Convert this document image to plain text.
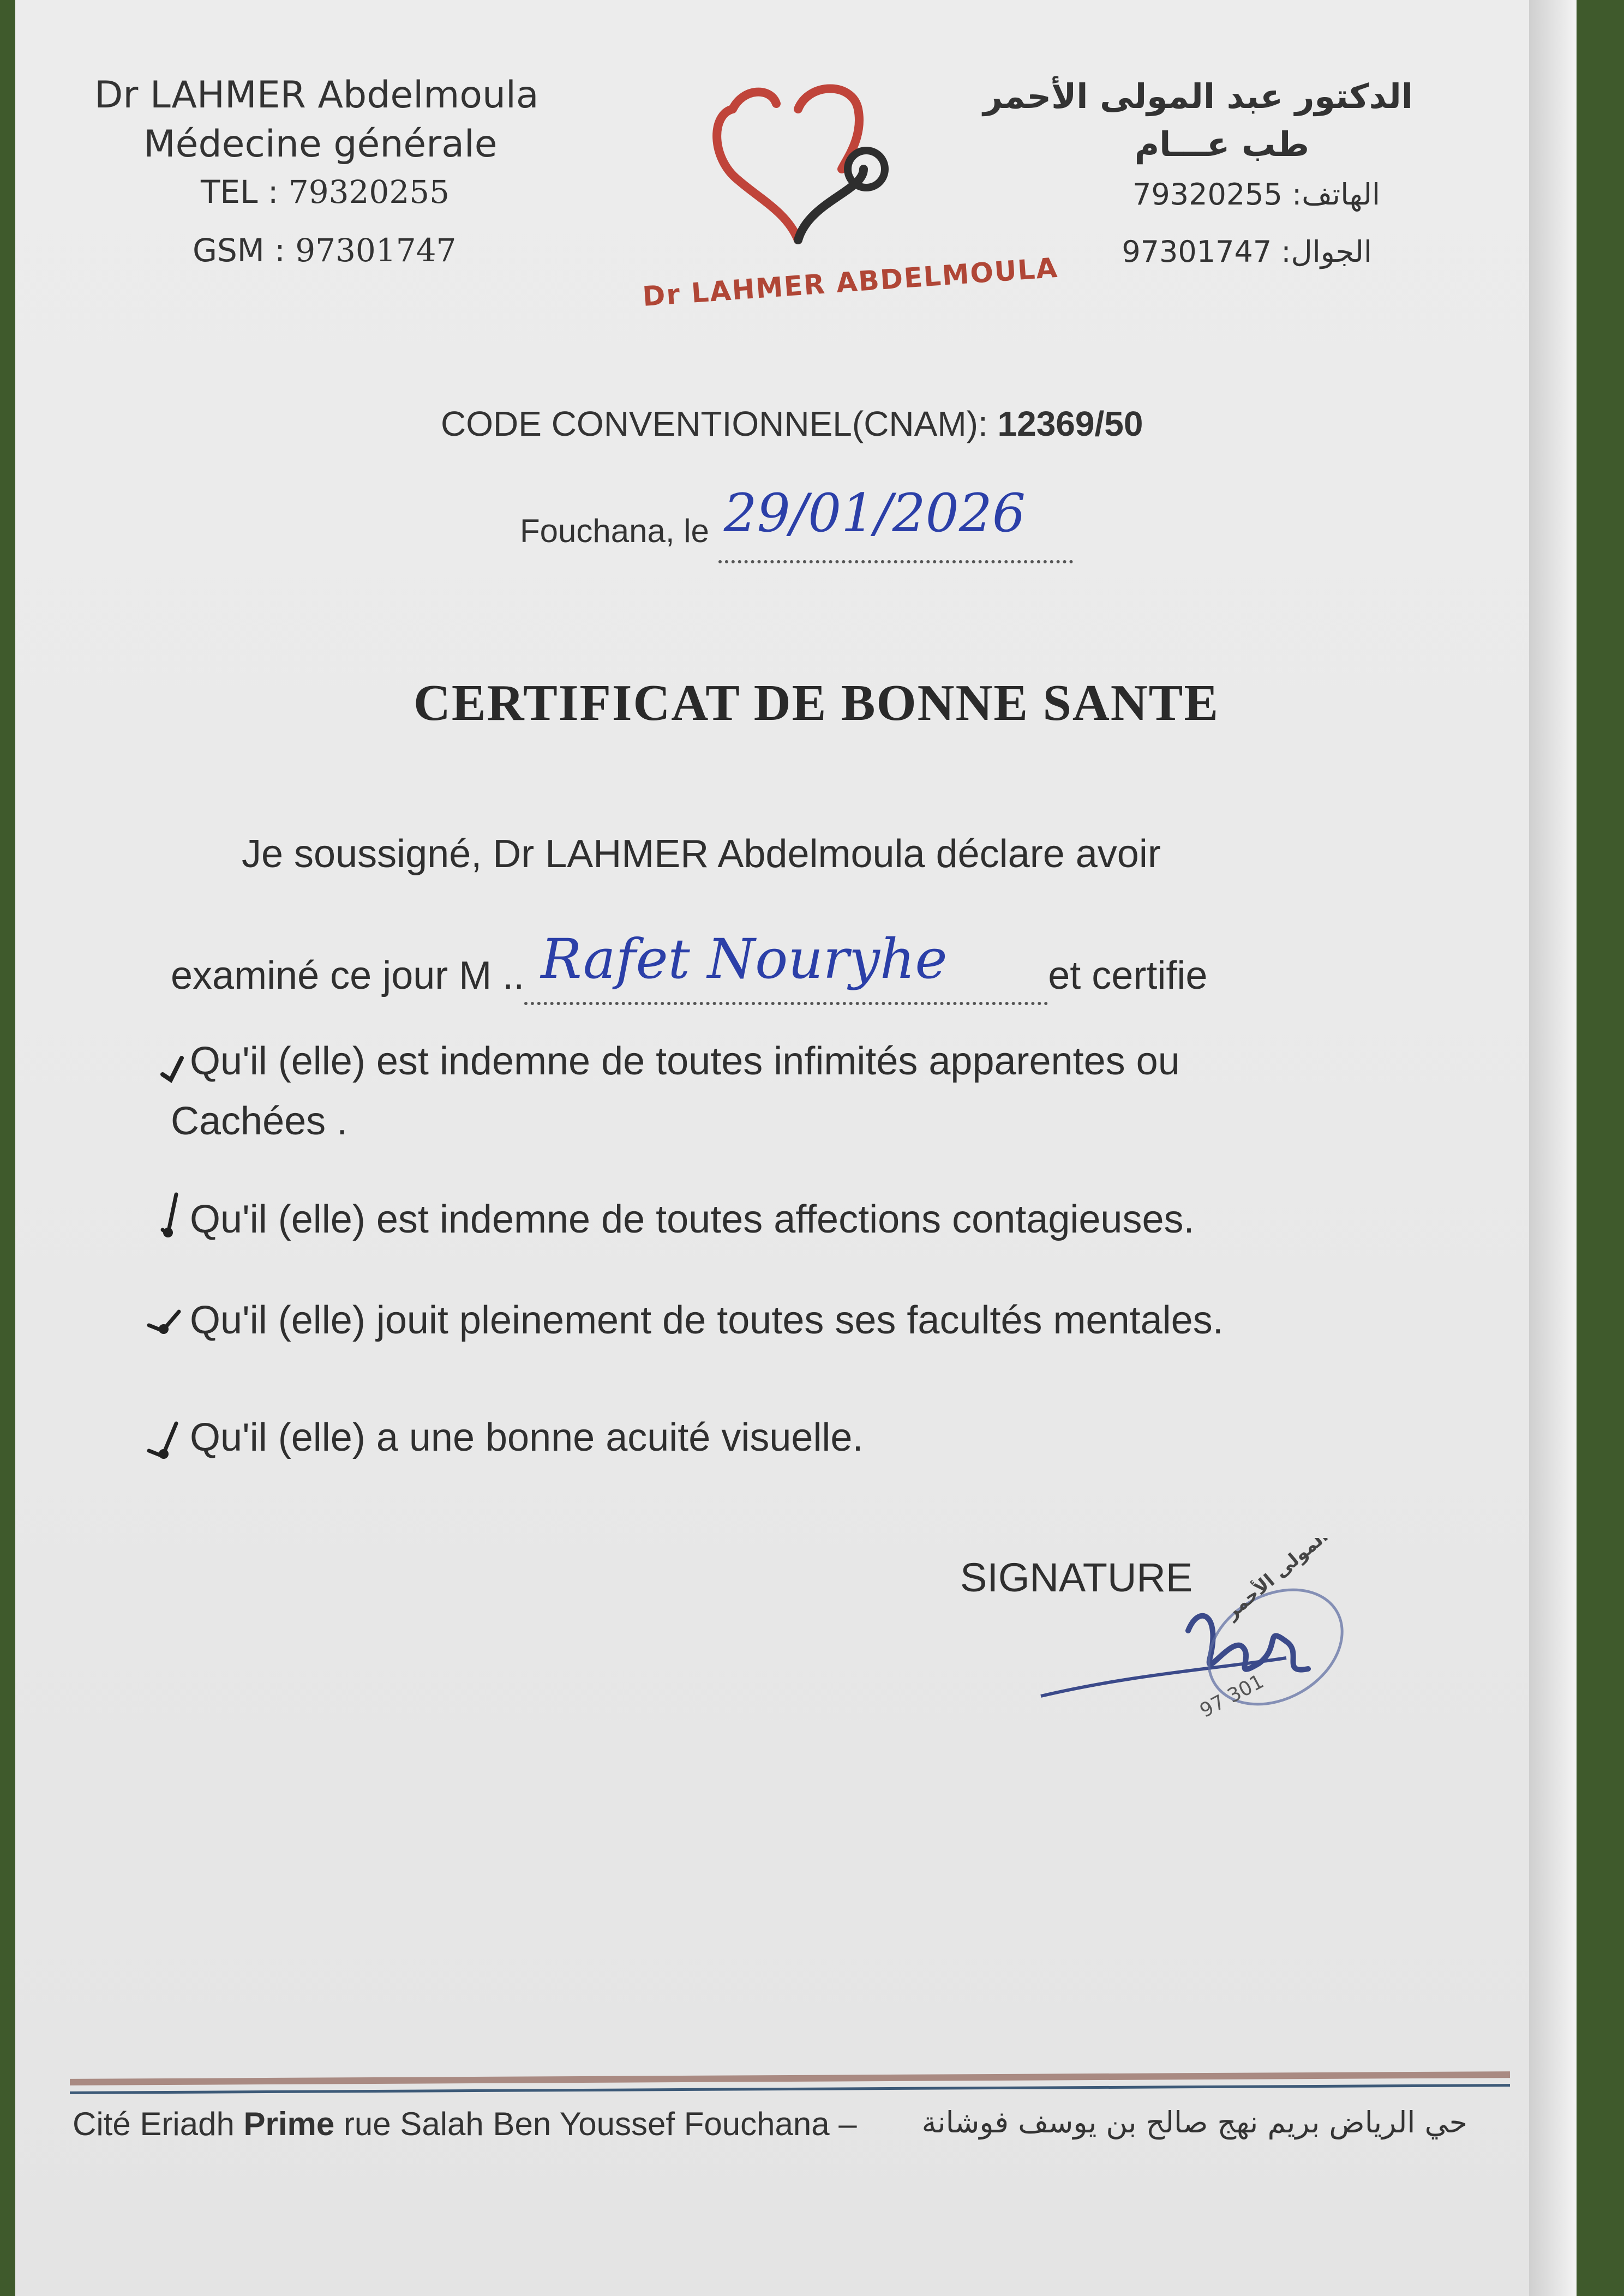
Dr LAHMER Abdelmoula
Médecine générale
TEL : 79320255
GSM : 97301747
Dr LAHMER ABDELMOULA
الدكتور عبد المولى الأحمر
طب عـــام
الهاتف: 79320255
الجوال: 97301747
CODE CONVENTIONNEL(CNAM): 12369/50
Fouchana, le 29/01/2026
CERTIFICAT DE BONNE SANTE
Je soussigné, Dr LAHMER Abdelmoula déclare avoir
examiné ce jour M .. Rafet Nouryhe	et certifie
Qu'il (elle) est indemne de toutes infimités apparentes ou
Cachées .
Qu'il (elle) est indemne de toutes affections contagieuses.
Qu'il (elle) jouit pleinement de toutes ses facultés mentales.
Qu'il (elle) a une bonne acuité visuelle.
SIGNATURE
97 301
الدكتور عبد المولى الأحمر
Cité Eriadh Prime rue Salah Ben Youssef Fouchana – حي الرياض بريم نهج صالح بن يوسف فوشانة
